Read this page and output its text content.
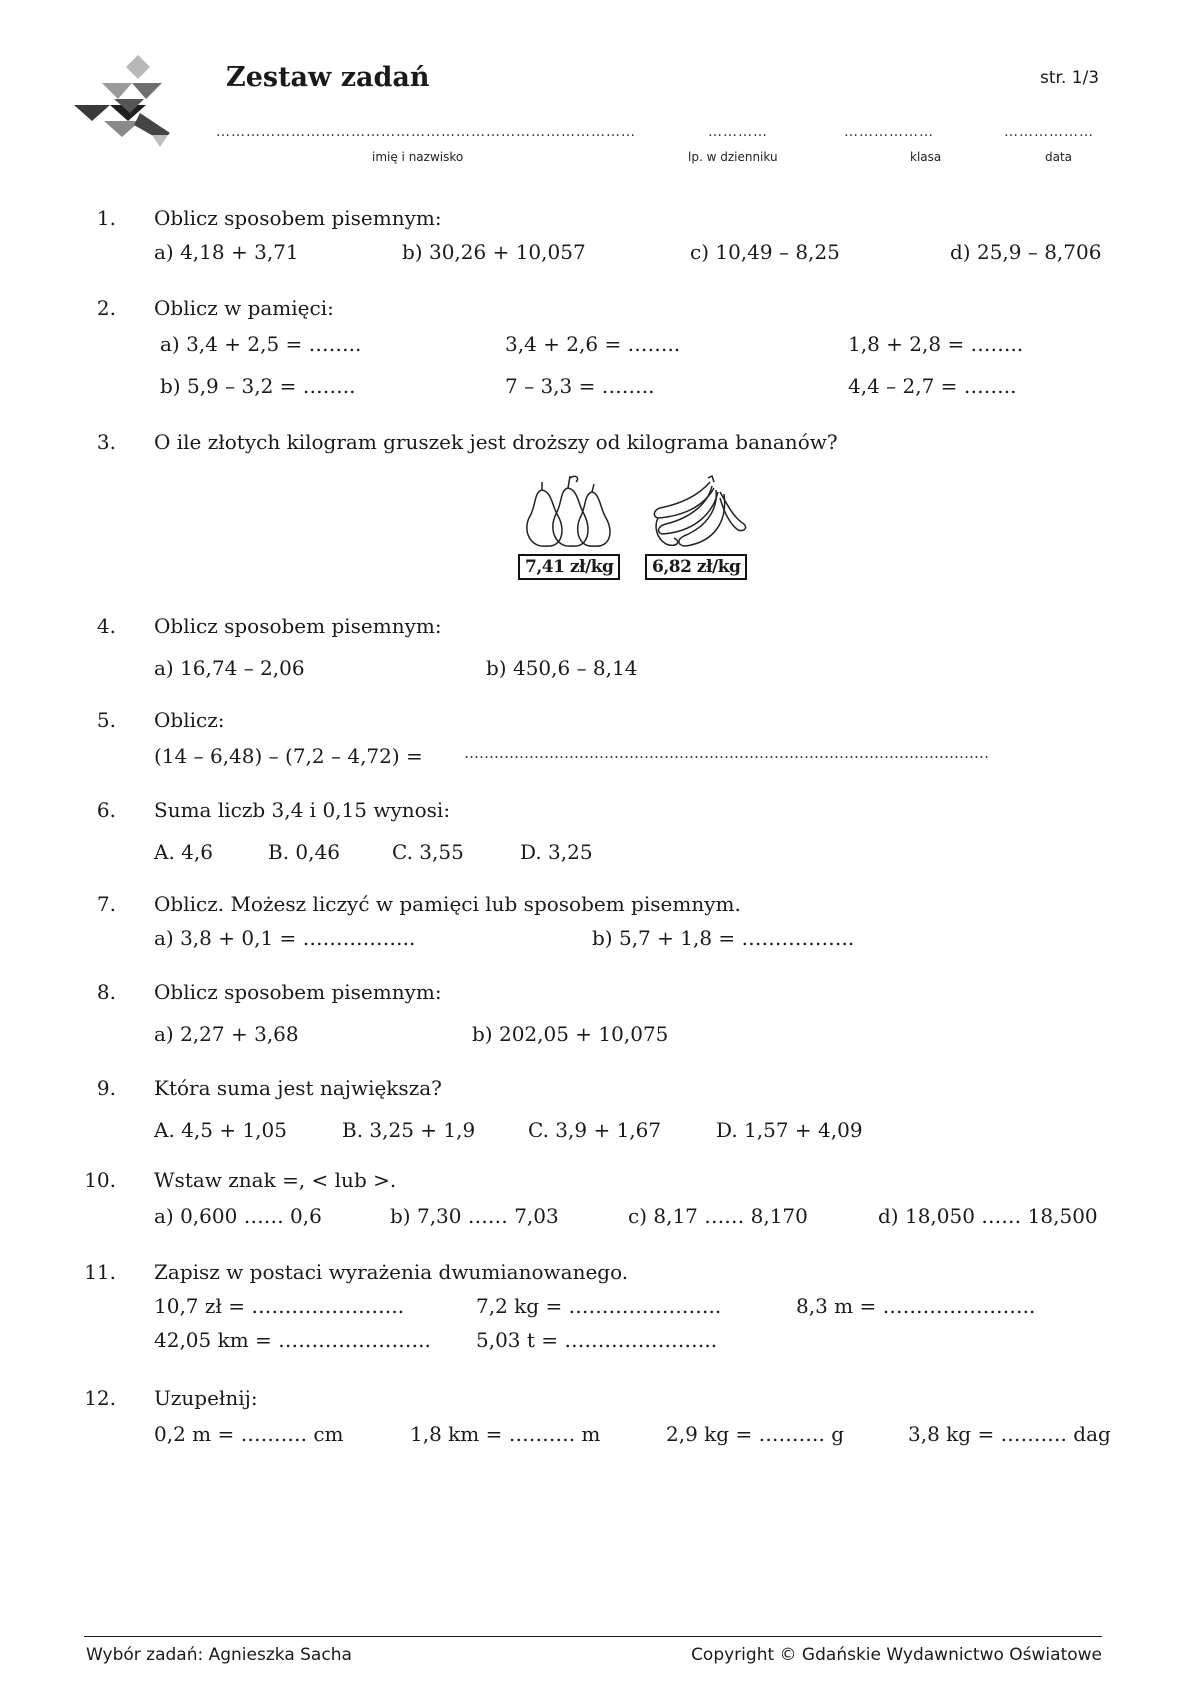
Zestaw zadań	str. 1/3
…………………………………………………………………………	…………	………………	………………
imię i nazwisko	lp. w dzienniku	klasa	data
1. Oblicz sposobem pisemnym:
a) 4,18 + 3,71	b) 30,26 + 10,057	c) 10,49 – 8,25	d) 25,9 – 8,706
2. Oblicz w pamięci:
a) 3,4 + 2,5 = ……..	3,4 + 2,6 = ……..	1,8 + 2,8 = ……..
b) 5,9 – 3,2 = ……..	7 – 3,3 = ……..	4,4 – 2,7 = ……..
3. O ile złotych kilogram gruszek jest droższy od kilograma bananów?
7,41 zł/kg	6,82 zł/kg
4. Oblicz sposobem pisemnym:
a) 16,74 – 2,06	b) 450,6 – 8,14
5. Oblicz:
(14 – 6,48) – (7,2 – 4,72) =	……………………………………………………………………………………………
6. Suma liczb 3,4 i 0,15 wynosi:
A. 4,6	B. 0,46	C. 3,55	D. 3,25
7. Oblicz. Możesz liczyć w pamięci lub sposobem pisemnym.
a) 3,8 + 0,1 = ……………..	b) 5,7 + 1,8 = ……………..
8. Oblicz sposobem pisemnym:
a) 2,27 + 3,68	b) 202,05 + 10,075
9. Która suma jest największa?
A. 4,5 + 1,05	B. 3,25 + 1,9	C. 3,9 + 1,67	D. 1,57 + 4,09
10. Wstaw znak =, < lub >.
a) 0,600 …… 0,6	b) 7,30 …… 7,03	c) 8,17 …… 8,170	d) 18,050 …… 18,500
11. Zapisz w postaci wyrażenia dwumianowanego.
10,7 zł = …………………..	7,2 kg = …………………..	8,3 m = …………………..
42,05 km = ………………….. 5,03 t = …………………..
12. Uzupełnij:
0,2 m = ………. cm	1,8 km = ………. m	2,9 kg = ………. g	3,8 kg = ………. dag
Wybór zadań: Agnieszka Sacha	Copyright © Gdańskie Wydawnictwo Oświatowe
